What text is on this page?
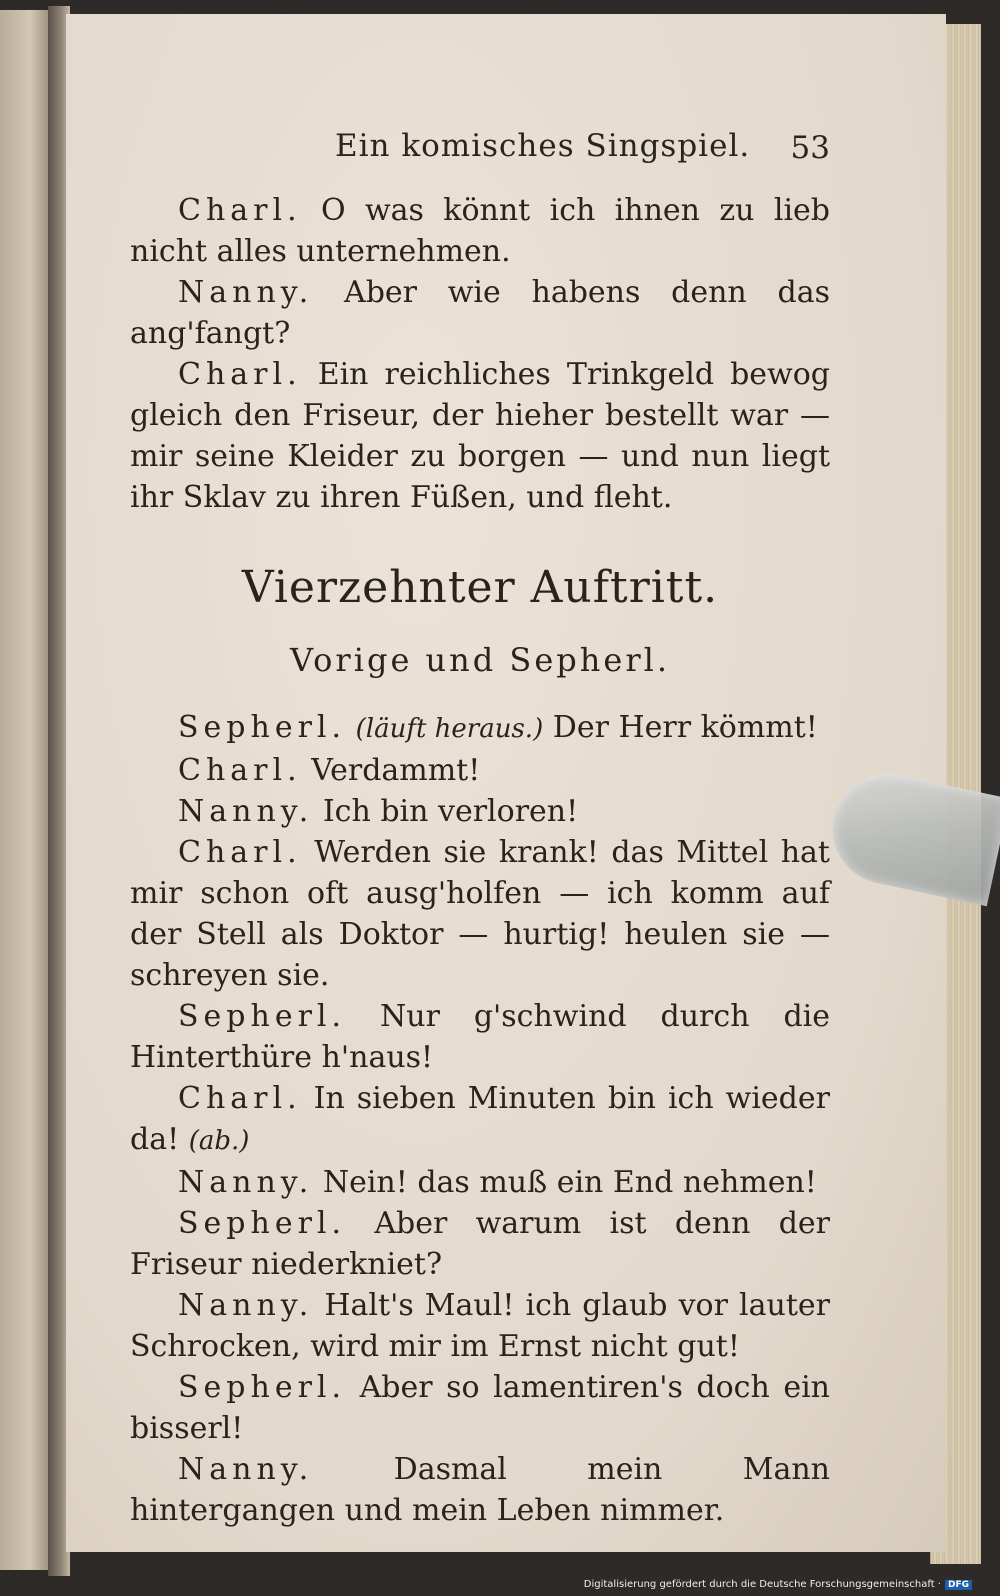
Ein komisches Singspiel. 53

Charl. O was könnt ich ihnen zu lieb nicht alles unternehmen.

Nanny. Aber wie habens denn das ang'fangt?

Charl. Ein reichliches Trinkgeld bewog gleich den Friseur, der hieher bestellt war — mir seine Kleider zu borgen — und nun liegt ihr Sklav zu ihren Füßen, und fleht.

Vierzehnter Auftritt.
Vorige und Sepherl.

Sepherl. (läuft heraus.) Der Herr kömmt!

Charl. Verdammt!

Nanny. Ich bin verloren!

Charl. Werden sie krank! das Mittel hat mir schon oft ausg'holfen — ich komm auf der Stell als Doktor — hurtig! heulen sie — schreyen sie.

Sepherl. Nur g'schwind durch die Hinterthüre h'naus!

Charl. In sieben Minuten bin ich wieder da! (ab.)

Nanny. Nein! das muß ein End nehmen!

Sepherl. Aber warum ist denn der Friseur niederkniet?

Nanny. Halt's Maul! ich glaub vor lauter Schrocken, wird mir im Ernst nicht gut!

Sepherl. Aber so lamentiren's doch ein bisserl!

Nanny.	Dasmal mein Mann hintergangen und mein Leben nimmer.

Digitalisierung gefördert durch die Deutsche Forschungsgemeinschaft · DFG
